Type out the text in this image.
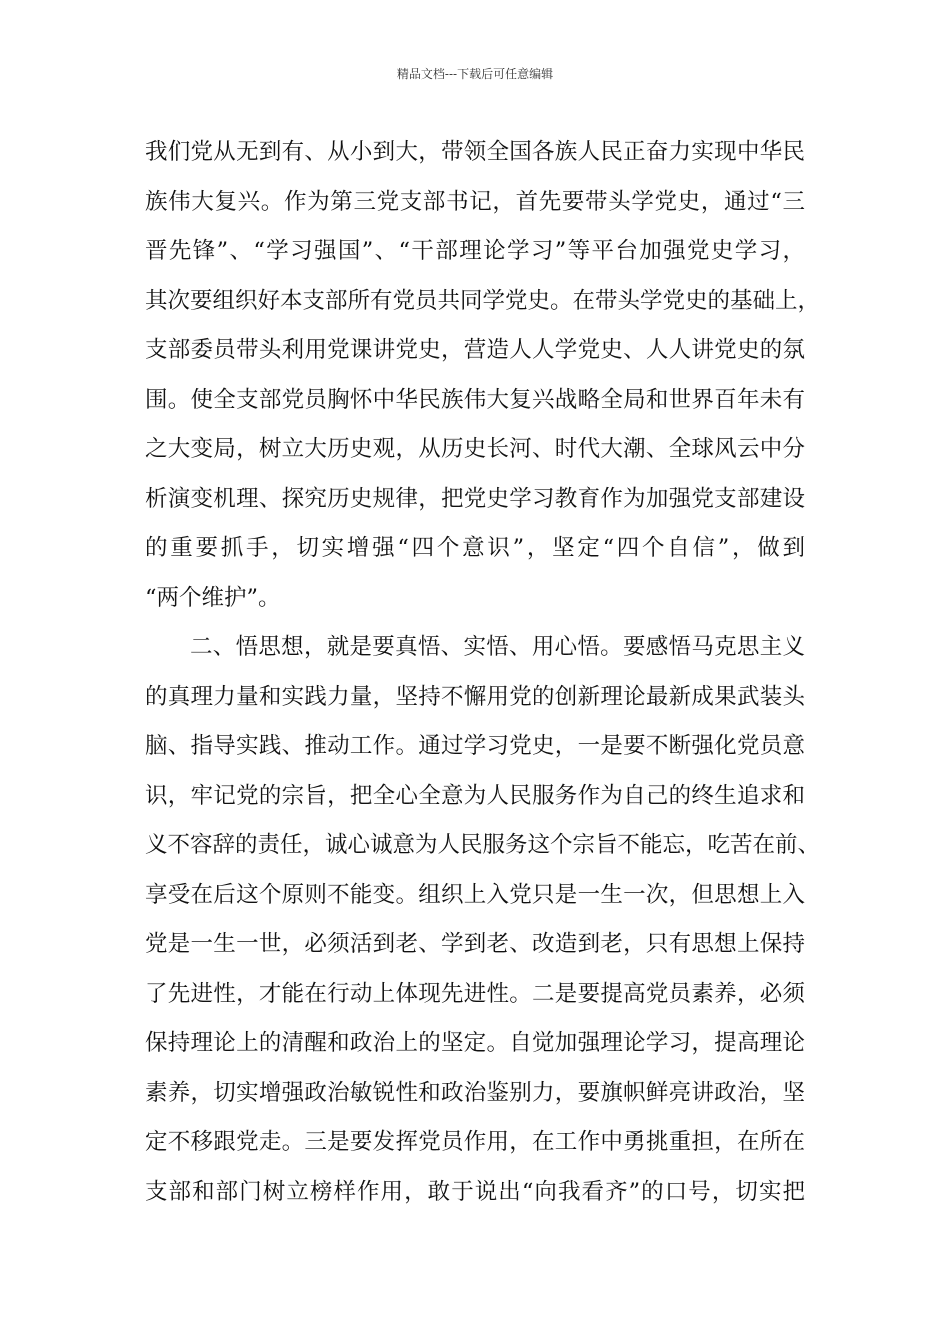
精品文档---下载后可任意编辑
我们党从无到有、从小到大，带领全国各族人民正奋力实现中华民
族伟大复兴。作为第三党支部书记，首先要带头学党史，通过“三
晋先锋”、“学习强国”、“干部理论学习”等平台加强党史学习，
其次要组织好本支部所有党员共同学党史。在带头学党史的基础上，
支部委员带头利用党课讲党史，营造人人学党史、人人讲党史的氛
围。使全支部党员胸怀中华民族伟大复兴战略全局和世界百年未有
之大变局，树立大历史观，从历史长河、时代大潮、全球风云中分
析演变机理、探究历史规律，把党史学习教育作为加强党支部建设
的重要抓手，切实增强“四个意识”，坚定“四个自信”，做到
“两个维护”。
二、悟思想，就是要真悟、实悟、用心悟。要感悟马克思主义
的真理力量和实践力量，坚持不懈用党的创新理论最新成果武装头
脑、指导实践、推动工作。通过学习党史，一是要不断强化党员意
识，牢记党的宗旨，把全心全意为人民服务作为自己的终生追求和
义不容辞的责任，诚心诚意为人民服务这个宗旨不能忘，吃苦在前、
享受在后这个原则不能变。组织上入党只是一生一次，但思想上入
党是一生一世，必须活到老、学到老、改造到老，只有思想上保持
了先进性，才能在行动上体现先进性。二是要提高党员素养，必须
保持理论上的清醒和政治上的坚定。自觉加强理论学习，提高理论
素养，切实增强政治敏锐性和政治鉴别力，要旗帜鲜亮讲政治，坚
定不移跟党走。三是要发挥党员作用，在工作中勇挑重担，在所在
支部和部门树立榜样作用，敢于说出“向我看齐”的口号，切实把
